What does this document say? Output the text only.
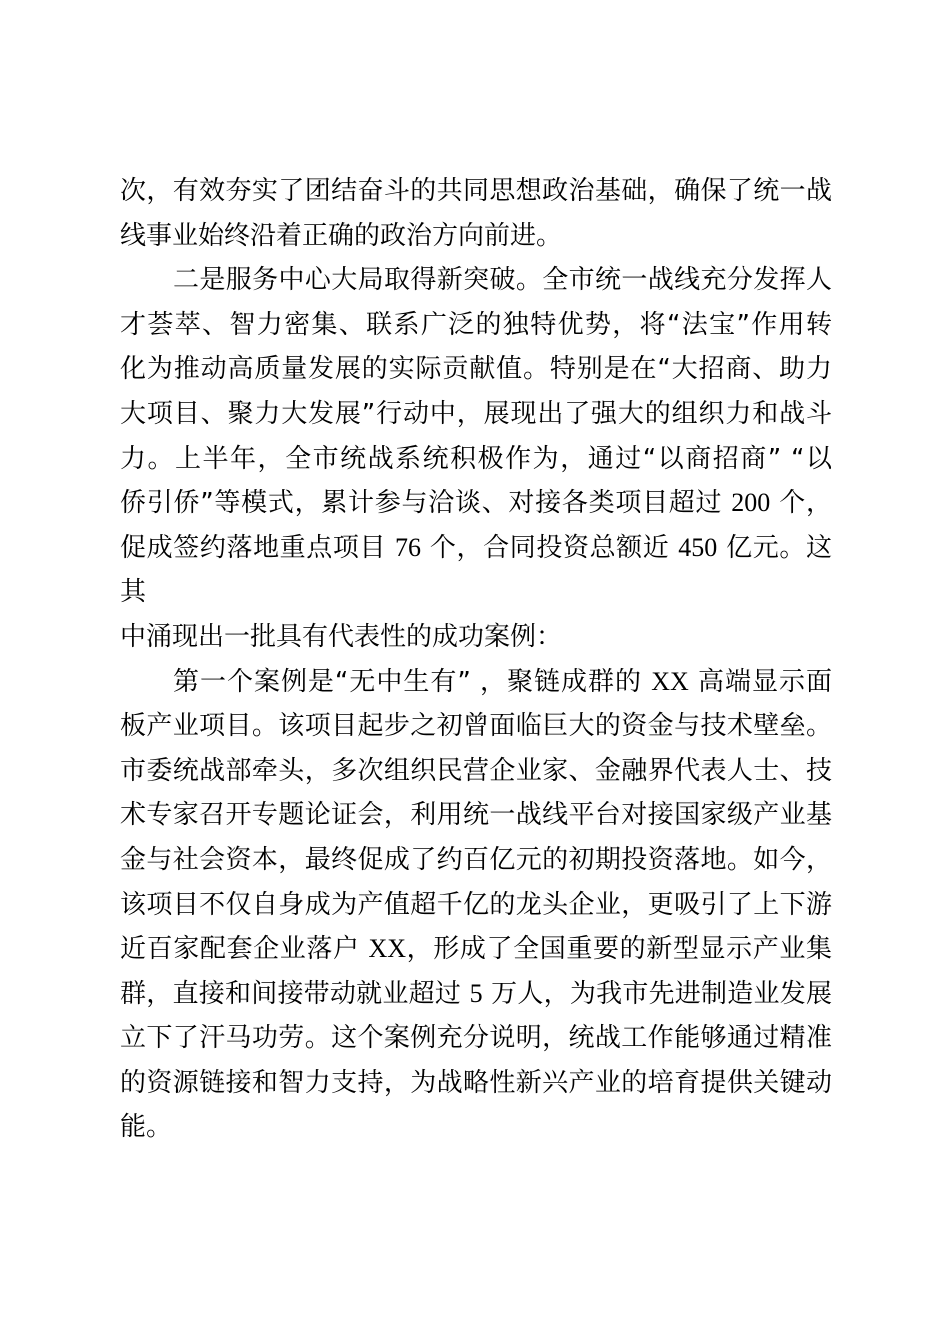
次，有效夯实了团结奋斗的共同思想政治基础，确保了统一战
线事业始终沿着正确的政治方向前进。
二是服务中心大局取得新突破。全市统一战线充分发挥人
才荟萃、智力密集、联系广泛的独特优势，将“法宝”作用转
化为推动高质量发展的实际贡献值。特别是在“大招商、助力
大项目、聚力大发展”行动中，展现出了强大的组织力和战斗
力。上半年，全市统战系统积极作为，通过“以商招商” “以
侨引侨”等模式，累计参与洽谈、对接各类项目超过 200 个，
促成签约落地重点项目 76 个，合同投资总额近 450 亿元。这其
中涌现出一批具有代表性的成功案例：
第一个案例是“无中生有” ，聚链成群的 XX 高端显示面
板产业项目。该项目起步之初曾面临巨大的资金与技术壁垒。
市委统战部牵头，多次组织民营企业家、金融界代表人士、技
术专家召开专题论证会，利用统一战线平台对接国家级产业基
金与社会资本，最终促成了约百亿元的初期投资落地。如今，
该项目不仅自身成为产值超千亿的龙头企业，更吸引了上下游
近百家配套企业落户 XX，形成了全国重要的新型显示产业集
群，直接和间接带动就业超过 5 万人，为我市先进制造业发展
立下了汗马功劳。这个案例充分说明，统战工作能够通过精准
的资源链接和智力支持，为战略性新兴产业的培育提供关键动
能。
